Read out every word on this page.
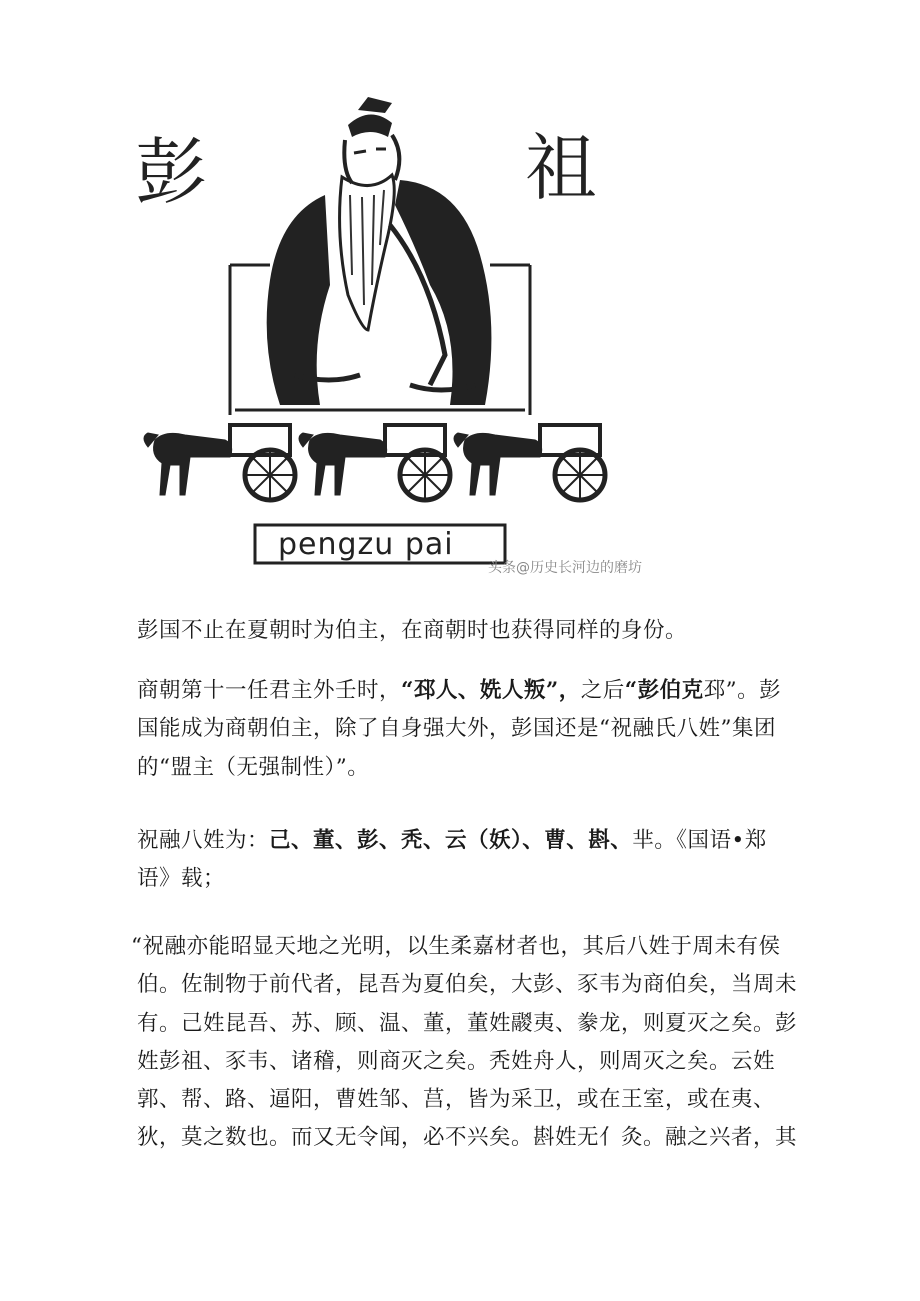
彭	祖
pengzu pai
头条@历史长河边的磨坊

彭国不止在夏朝时为伯主，在商朝时也获得同样的身份。

商朝第十一任君主外壬时，“邳人、姺人叛”，之后“彭伯克邳”。彭国能成为商朝伯主，除了自身强大外，彭国还是“祝融氏八姓”集团的“盟主（无强制性）”。

祝融八姓为：己、董、彭、秃、云（妖）、曹、斟、芈。《国语•郑语》载；

“祝融亦能昭显天地之光明，以生柔嘉材者也，其后八姓于周未有侯伯。佐制物于前代者，昆吾为夏伯矣，大彭、豕韦为商伯矣，当周未有。己姓昆吾、苏、顾、温、董，董姓鬷夷、豢龙，则夏灭之矣。彭姓彭祖、豕韦、诸稽，则商灭之矣。秃姓舟人，则周灭之矣。云姓郭、帮、路、逼阳，曹姓邹、莒，皆为采卫，或在王室，或在夷、狄，莫之数也。而又无令闻，必不兴矣。斟姓无亻灸。融之兴者，其
